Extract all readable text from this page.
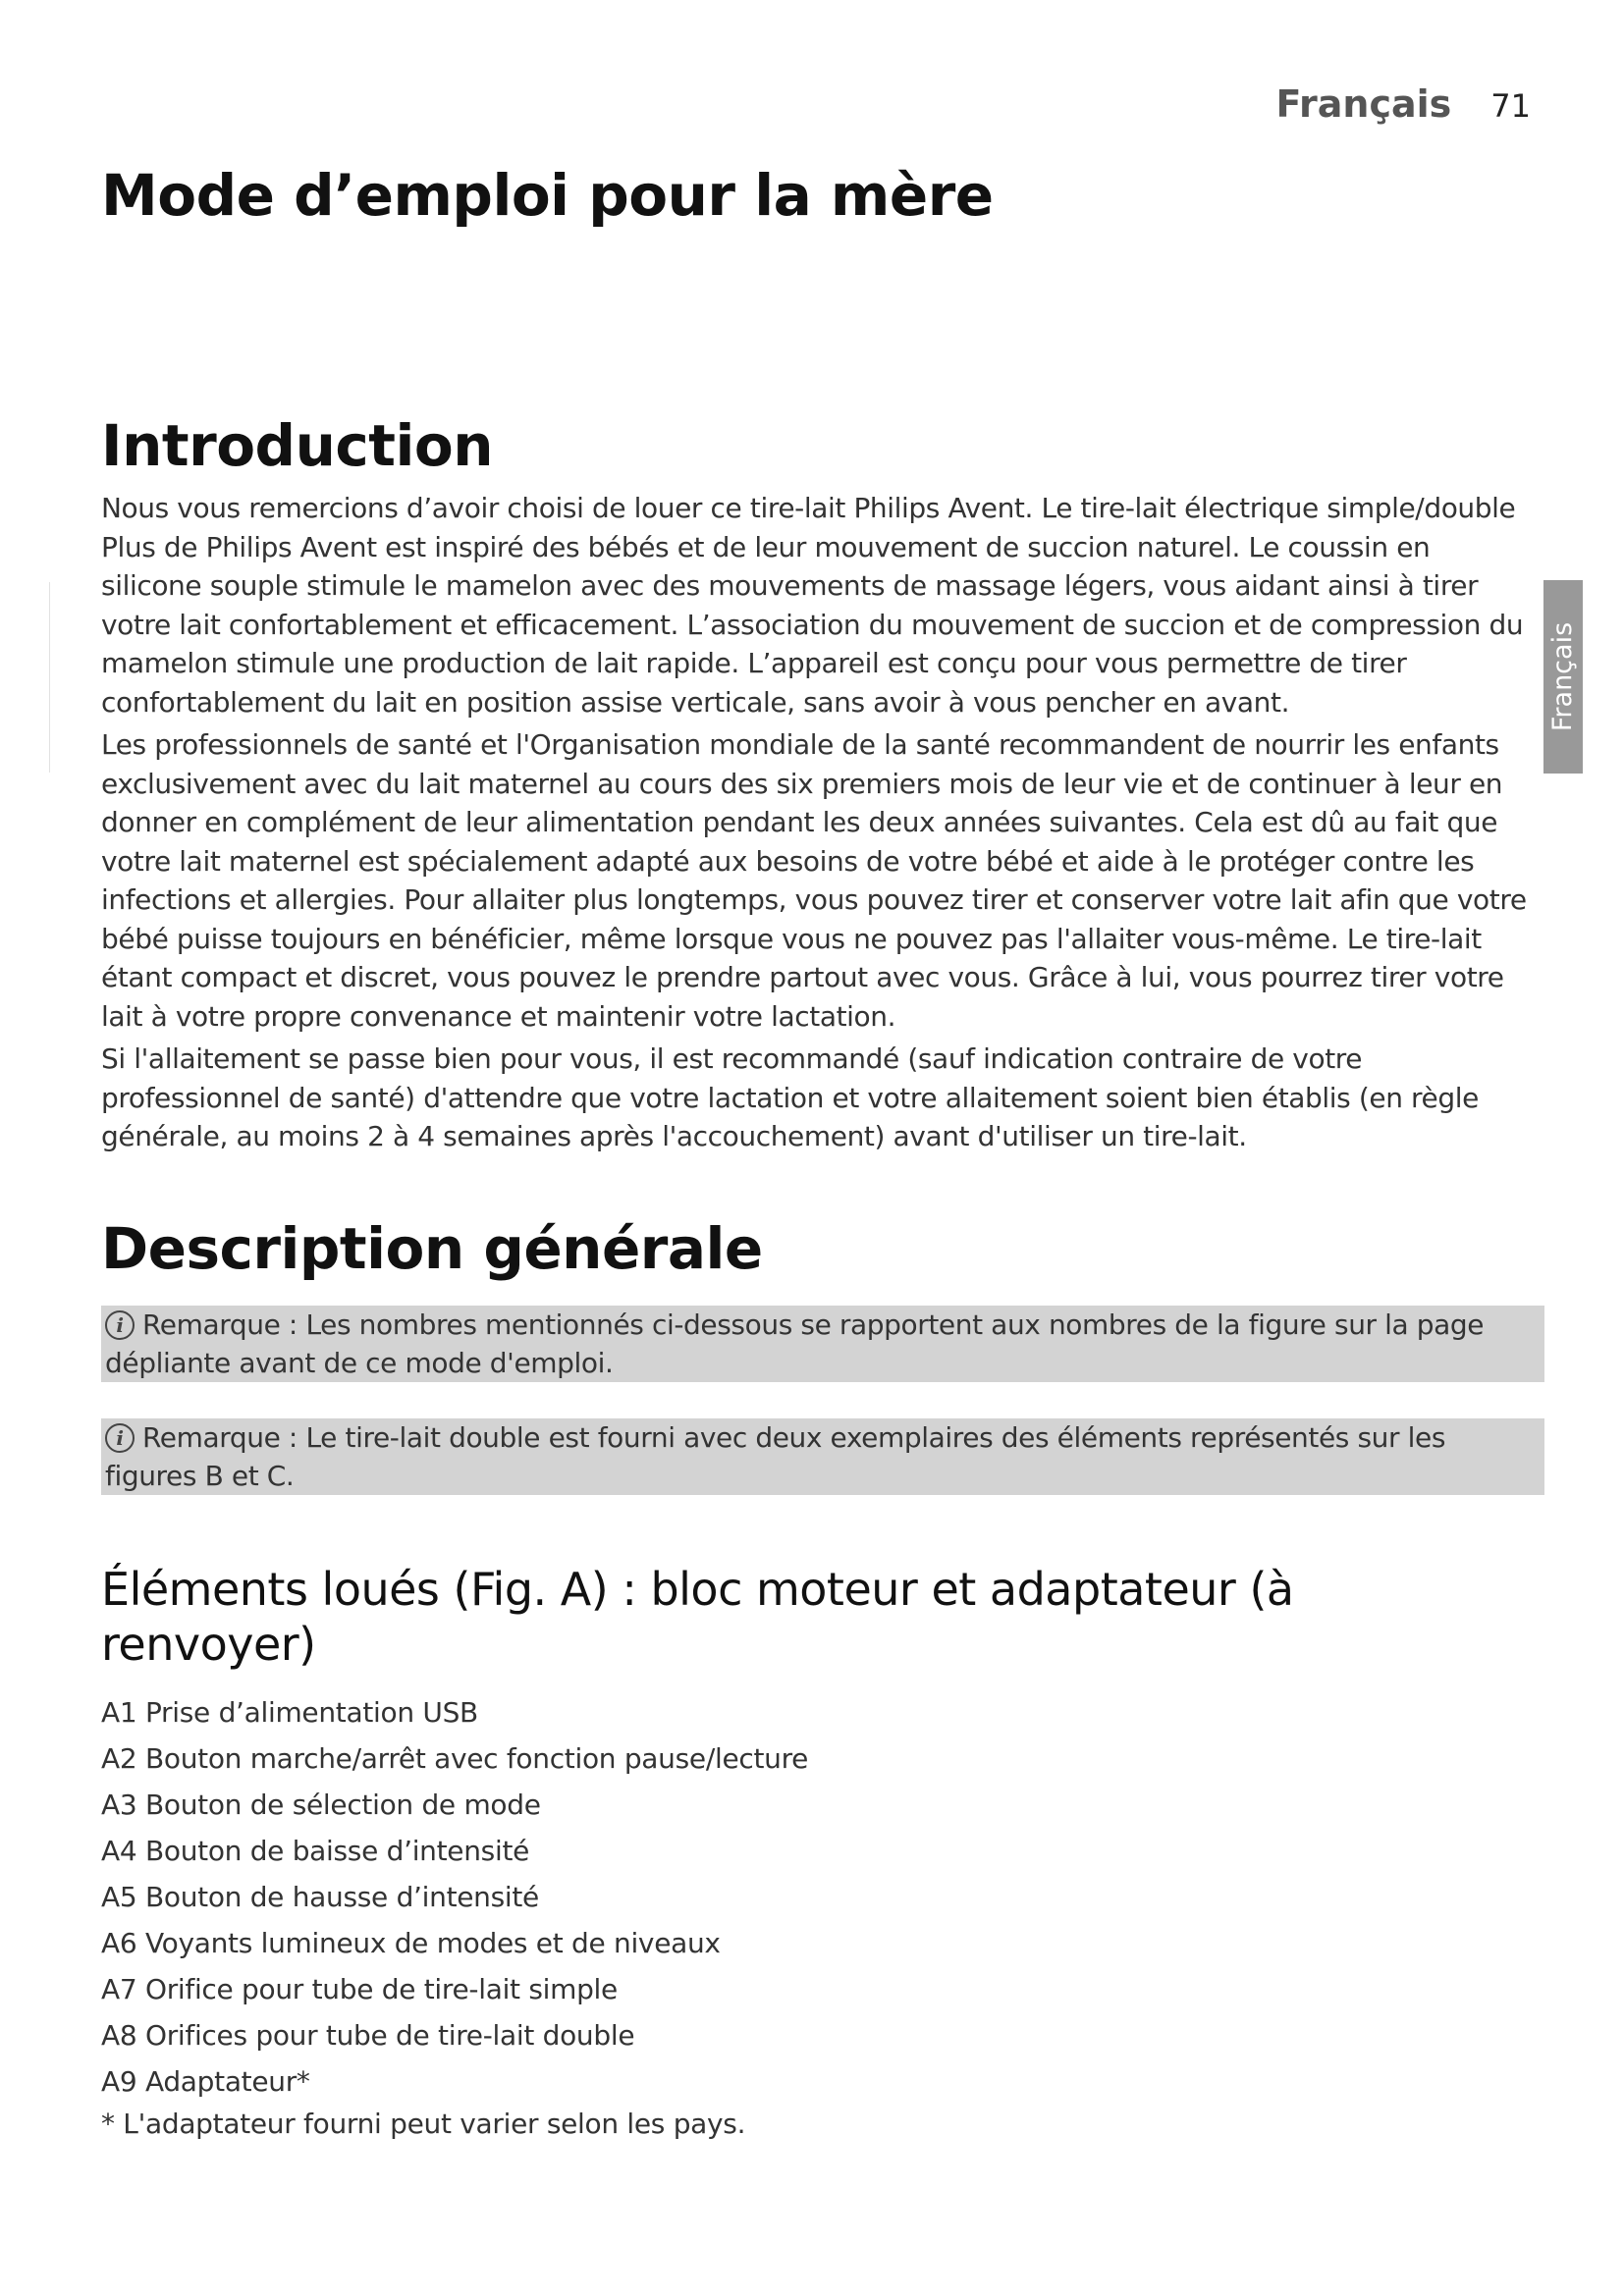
Français 71
Mode d’emploi pour la mère
Français
Introduction

Nous vous remercions d’avoir choisi de louer ce tire-lait Philips Avent. Le tire-lait électrique simple/double Plus de Philips Avent est inspiré des bébés et de leur mouvement de succion naturel. Le coussin en silicone souple stimule le mamelon avec des mouvements de massage légers, vous aidant ainsi à tirer votre lait confortablement et efficacement. L’association du mouvement de succion et de compression du mamelon stimule une production de lait rapide. L’appareil est conçu pour vous permettre de tirer confortablement du lait en position assise verticale, sans avoir à vous pencher en avant.

Les professionnels de santé et l'Organisation mondiale de la santé recommandent de nourrir les enfants exclusivement avec du lait maternel au cours des six premiers mois de leur vie et de continuer à leur en donner en complément de leur alimentation pendant les deux années suivantes. Cela est dû au fait que votre lait maternel est spécialement adapté aux besoins de votre bébé et aide à le protéger contre les infections et allergies. Pour allaiter plus longtemps, vous pouvez tirer et conserver votre lait afin que votre bébé puisse toujours en bénéficier, même lorsque vous ne pouvez pas l'allaiter vous-même. Le tire-lait étant compact et discret, vous pouvez le prendre partout avec vous. Grâce à lui, vous pourrez tirer votre lait à votre propre convenance et maintenir votre lactation.

Si l'allaitement se passe bien pour vous, il est recommandé (sauf indication contraire de votre professionnel de santé) d'attendre que votre lactation et votre allaitement soient bien établis (en règle générale, au moins 2 à 4 semaines après l'accouchement) avant d'utiliser un tire-lait.

Description générale
i Remarque : Les nombres mentionnés ci-dessous se rapportent aux nombres de la figure sur la page dépliante avant de ce mode d'emploi.
i Remarque : Le tire-lait double est fourni avec deux exemplaires des éléments représentés sur les figures B et C.
Éléments loués (Fig. A) : bloc moteur et adaptateur (à renvoyer)
A1 Prise d’alimentation USB
A2 Bouton marche/arrêt avec fonction pause/lecture
A3 Bouton de sélection de mode
A4 Bouton de baisse d’intensité
A5 Bouton de hausse d’intensité
A6 Voyants lumineux de modes et de niveaux
A7 Orifice pour tube de tire-lait simple
A8 Orifices pour tube de tire-lait double
A9 Adaptateur*
* L'adaptateur fourni peut varier selon les pays.
